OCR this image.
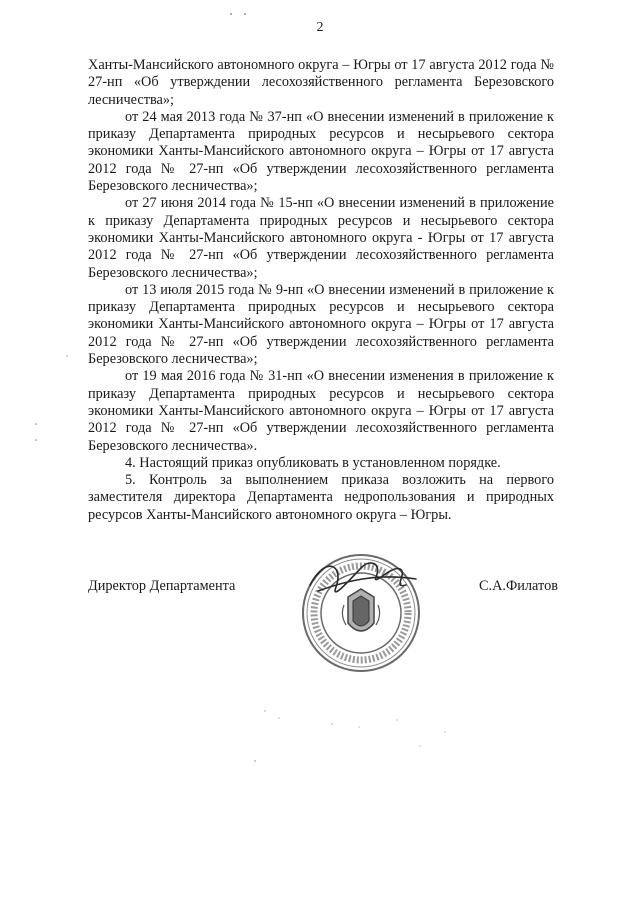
2

Ханты-Мансийского автономного округа – Югры от 17 августа 2012 года № 27-нп «Об утверждении лесохозяйственного регламента Березовского лесничества»;

от 24 мая 2013 года № 37-нп «О внесении изменений в приложение к приказу Департамента природных ресурсов и несырьевого сектора экономики Ханты-Мансийского автономного округа – Югры от 17 августа 2012 года № 27-нп «Об утверждении лесохозяйственного регламента Березовского лесничества»;

от 27 июня 2014 года № 15-нп «О внесении изменений в приложение к приказу Департамента природных ресурсов и несырьевого сектора экономики Ханты-Мансийского автономного округа - Югры от 17 августа 2012 года № 27-нп «Об утверждении лесохозяйственного регламента Березовского лесничества»;

от 13 июля 2015 года № 9-нп «О внесении изменений в приложение к приказу Департамента природных ресурсов и несырьевого сектора экономики Ханты-Мансийского автономного округа – Югры от 17 августа 2012 года № 27-нп «Об утверждении лесохозяйственного регламента Березовского лесничества»;

от 19 мая 2016 года № 31-нп «О внесении изменения в приложение к приказу Департамента природных ресурсов и несырьевого сектора экономики Ханты-Мансийского автономного округа – Югры от 17 августа 2012 года № 27-нп «Об утверждении лесохозяйственного регламента Березовского лесничества».

4. Настоящий приказ опубликовать в установленном порядке.

5. Контроль за выполнением приказа возложить на первого заместителя директора Департамента недропользования и природных ресурсов Ханты-Мансийского автономного округа – Югры.

Директор Департамента	С.А.Филатов
